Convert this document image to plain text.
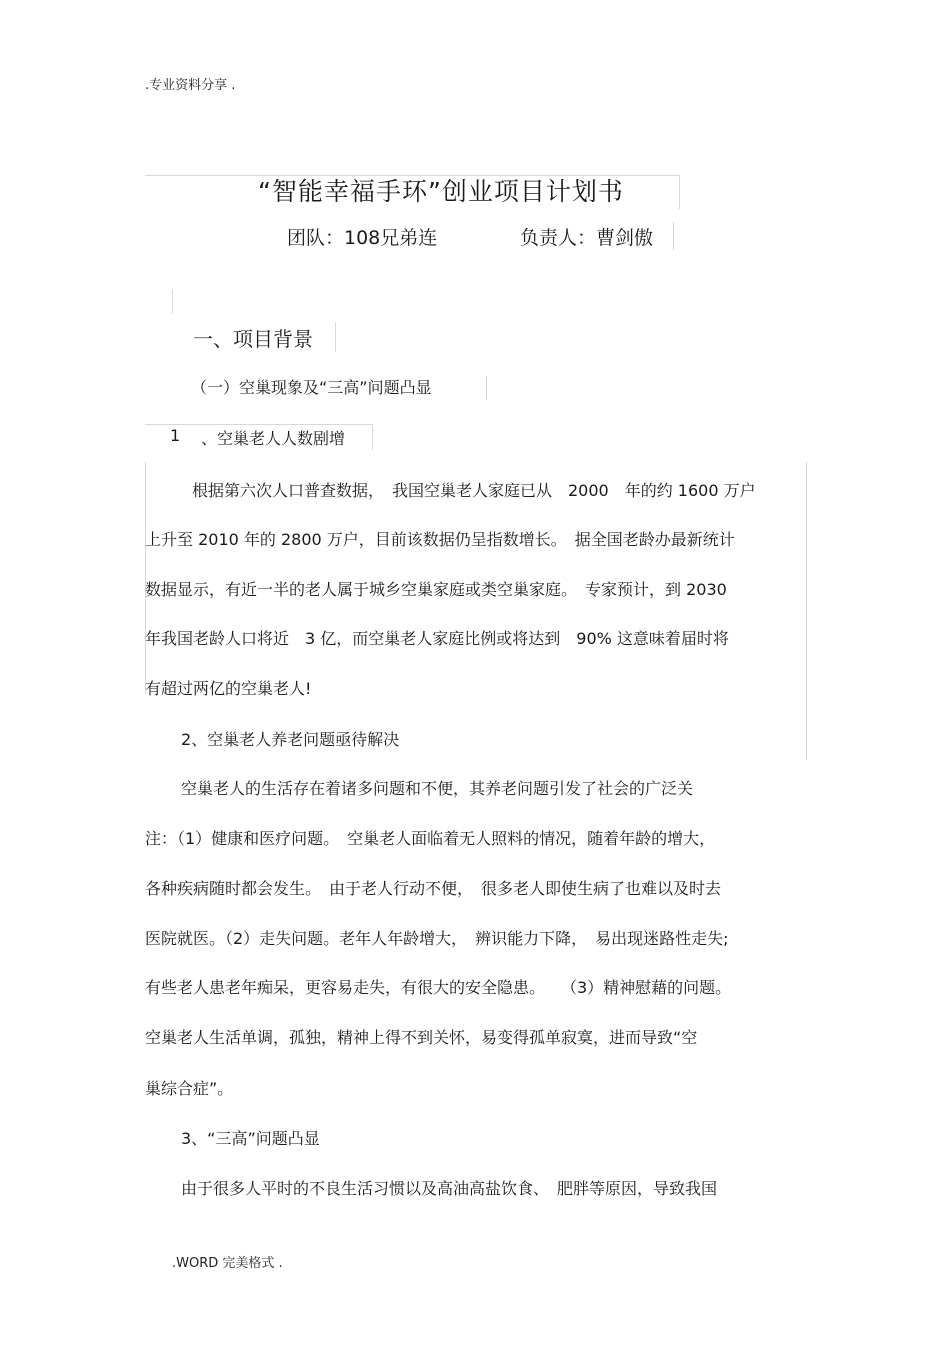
.专业资料分享 .
“智能幸福手环”创业项目计划书
团队：108兄弟连	负责人：曹剑傲
一、项目背景
（一）空巢现象及“三高”问题凸显
1 、空巢老人人数剧增
根据第六次人口普查数据，　我国空巢老人家庭已从　2000　年的约 1600 万户
上升至 2010 年的 2800 万户，目前该数据仍呈指数增长。　据全国老龄办最新统计
数据显示，有近一半的老人属于城乡空巢家庭或类空巢家庭。　专家预计，到 2030
年我国老龄人口将近　3 亿，而空巢老人家庭比例或将达到　90% 这意味着届时将
有超过两亿的空巢老人!
2、空巢老人养老问题亟待解决
空巢老人的生活存在着诸多问题和不便，其养老问题引发了社会的广泛关
注：（1）健康和医疗问题。　空巢老人面临着无人照料的情况，随着年龄的增大，
各种疾病随时都会发生。　由于老人行动不便，　很多老人即使生病了也难以及时去
医院就医。（2）走失问题。老年人年龄增大，　辨识能力下降，　易出现迷路性走失;
有些老人患老年痴呆，更容易走失，有很大的安全隐患。　　（3）精神慰藉的问题。
空巢老人生活单调，孤独，精神上得不到关怀，易变得孤单寂寞，进而导致“空
巢综合症”。
3、“三高”问题凸显
由于很多人平时的不良生活习惯以及高油高盐饮食、　肥胖等原因，导致我国
.WORD 完美格式 .
